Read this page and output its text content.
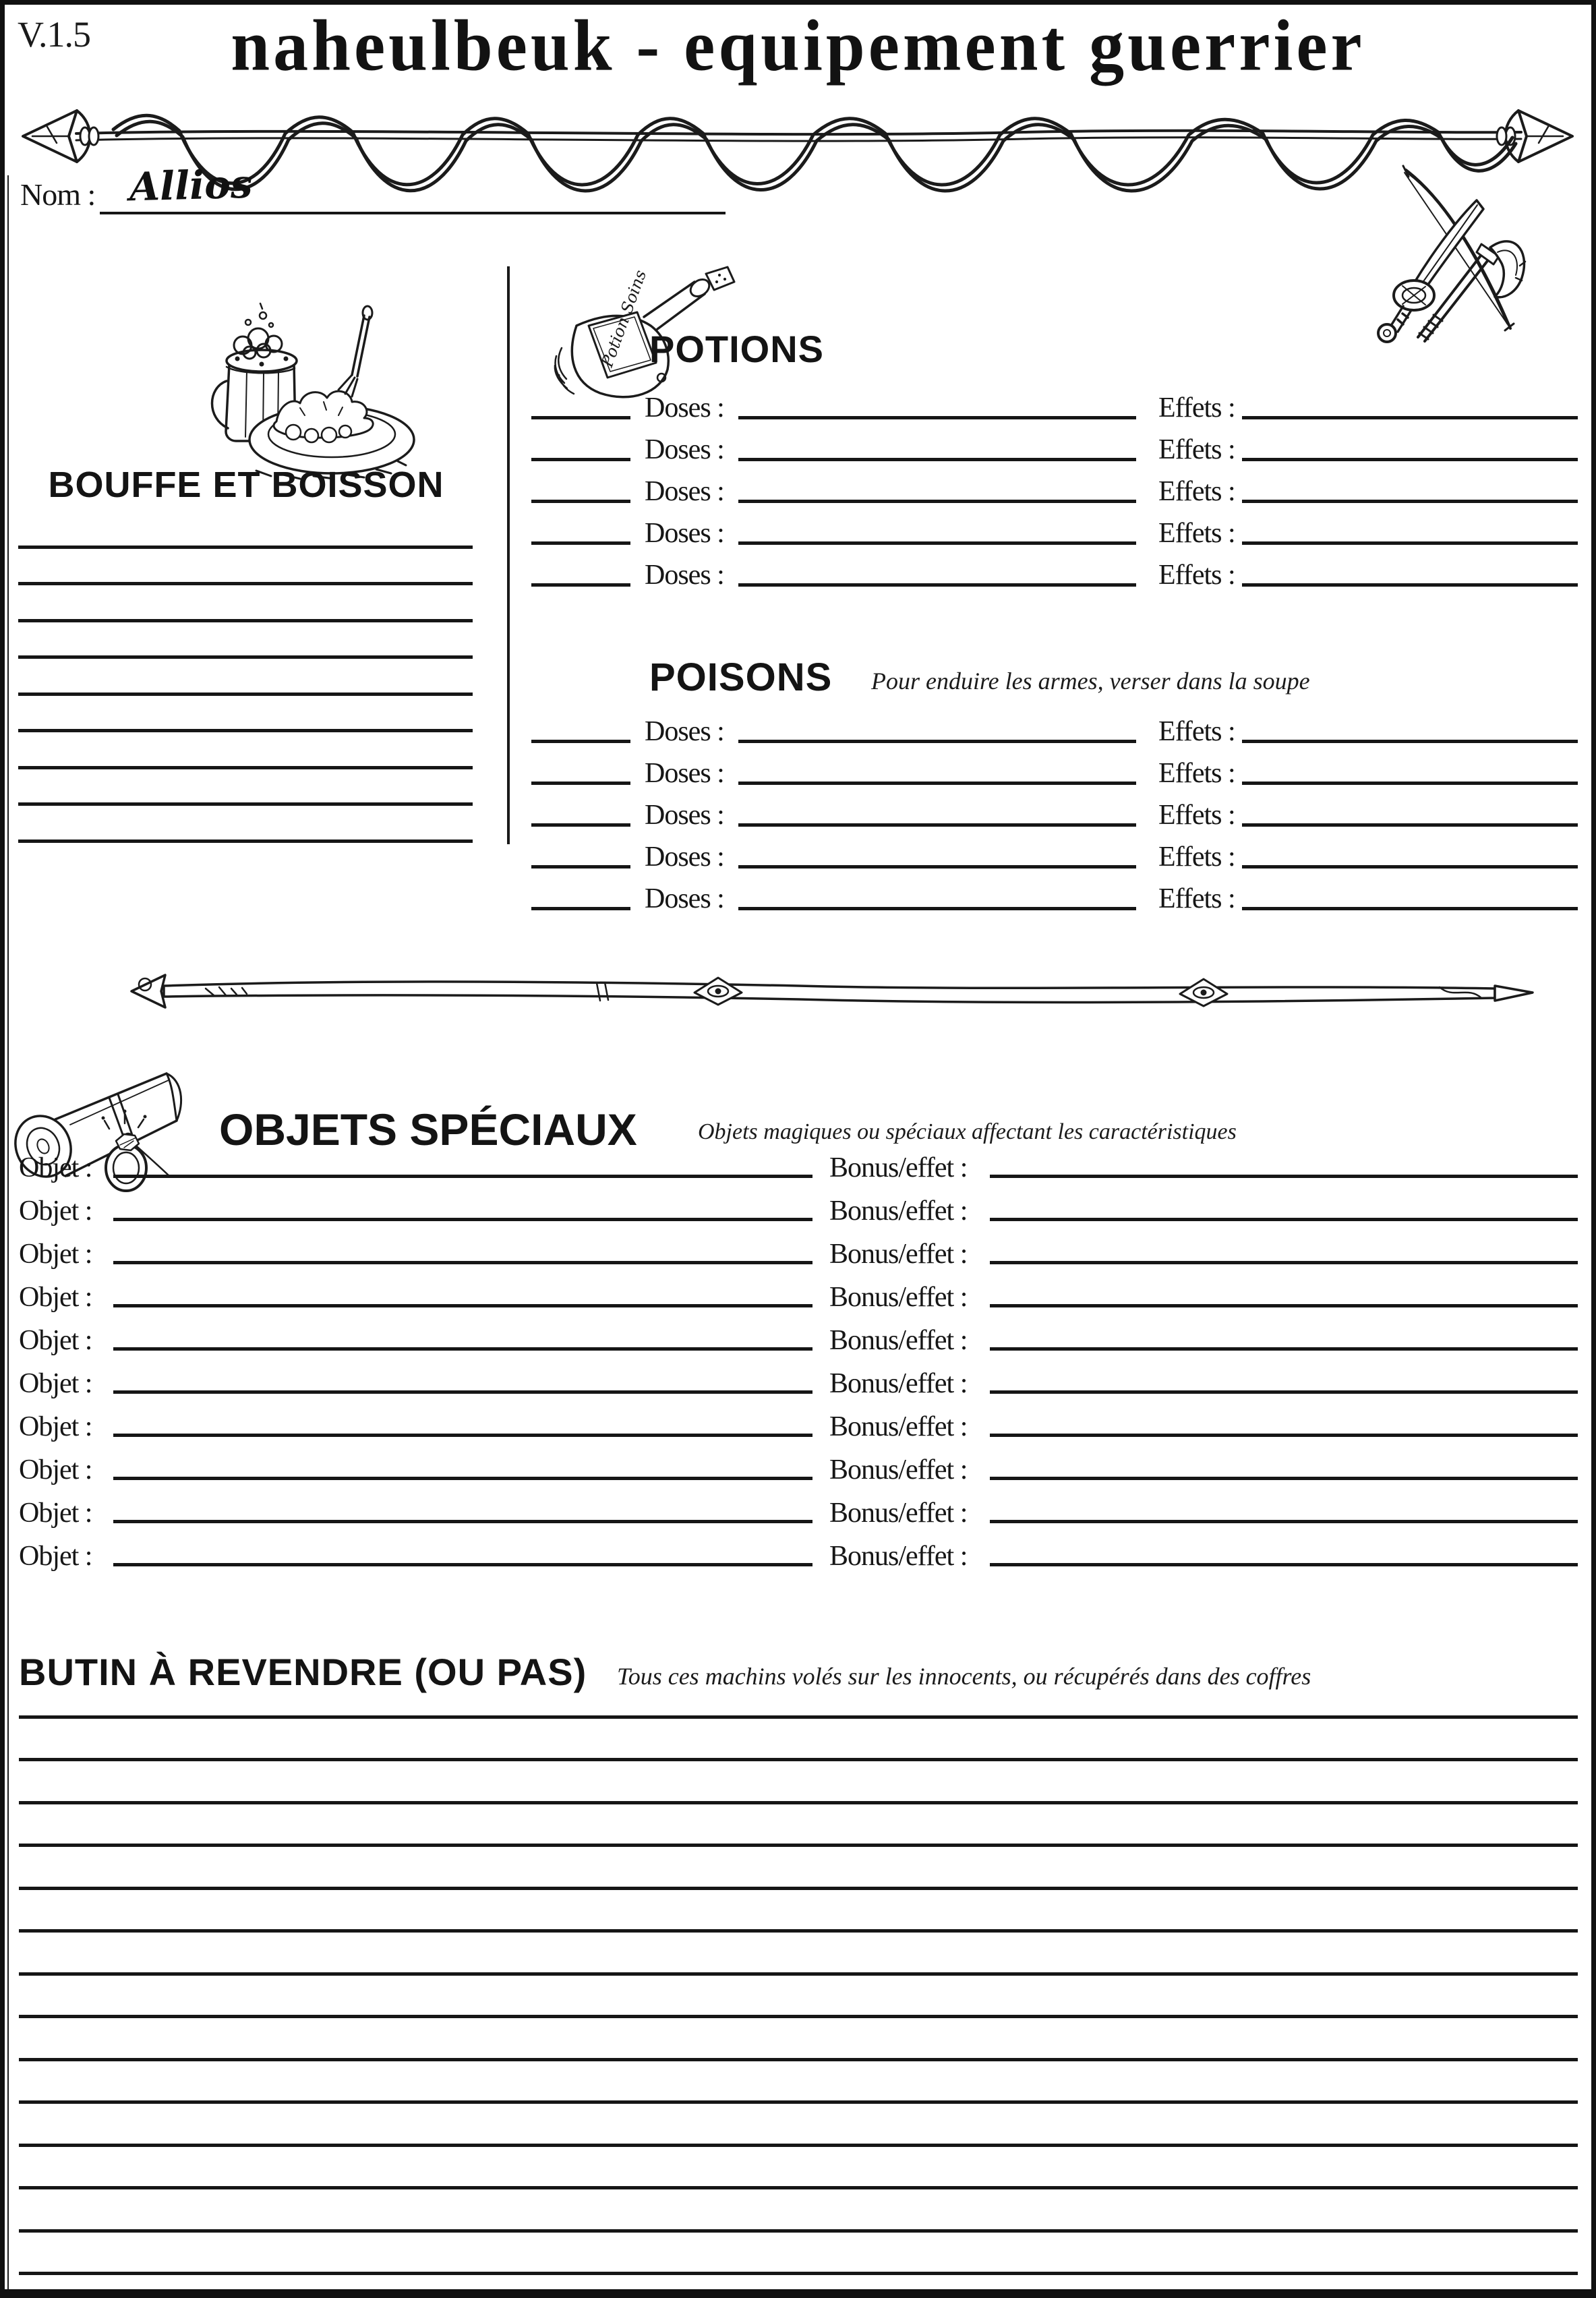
V.1.5	naheulbeuk - equipement guerrier
Nom : Allios
BOUFFE ET BOISSON
Potion Soins
POTIONS
Doses :	Effets :
Doses :	Effets :
Doses :	Effets :
Doses :	Effets :
Doses :	Effets :
POISONS Pour enduire les armes, verser dans la soupe
Doses :	Effets :
Doses :	Effets :
Doses :	Effets :
Doses :	Effets :
Doses :	Effets :
OBJETS SPÉCIAUX	Objets magiques ou spéciaux affectant les caractéristiques
Objet :	Bonus/effet :
Objet :	Bonus/effet :
Objet :	Bonus/effet :
Objet :	Bonus/effet :
Objet :	Bonus/effet :
Objet :	Bonus/effet :
Objet :	Bonus/effet :
Objet :	Bonus/effet :
Objet :	Bonus/effet :
Objet :	Bonus/effet :
BUTIN À REVENDRE (OU PAS) Tous ces machins volés sur les innocents, ou récupérés dans des coffres
